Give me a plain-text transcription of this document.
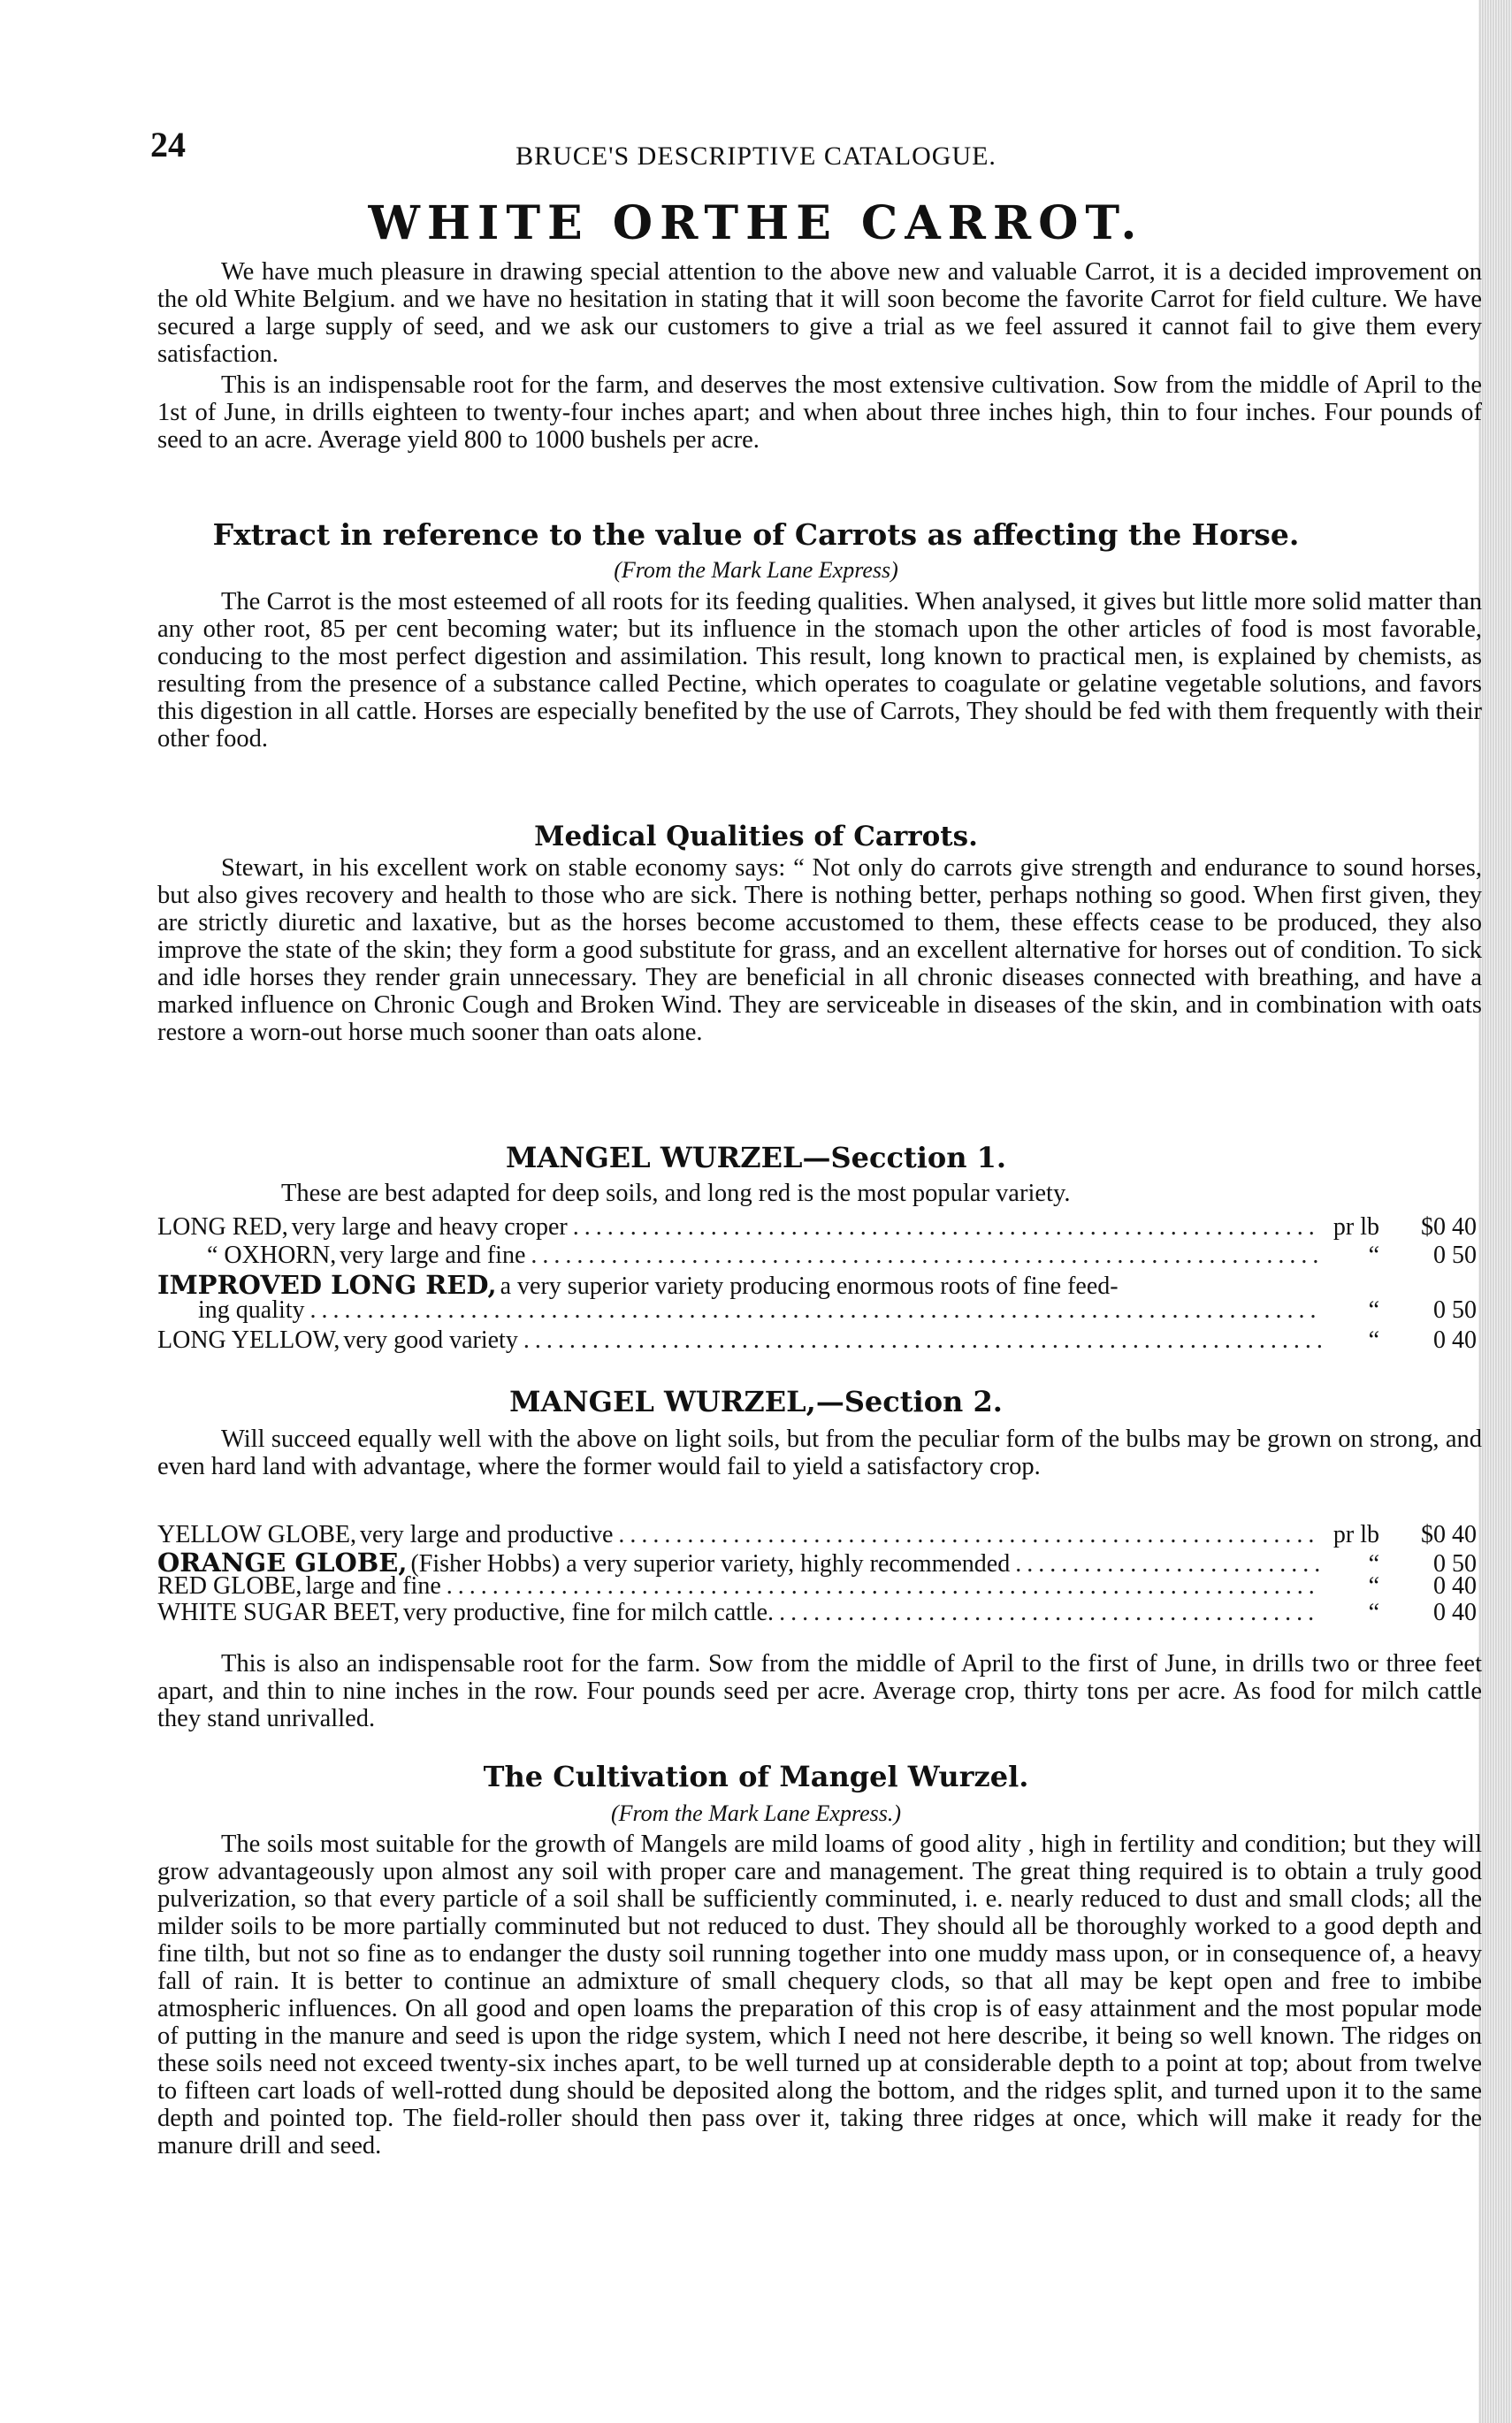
24	BRUCE'S DESCRIPTIVE CATALOGUE.
WHITE ORTHE CARROT.

We have much pleasure in drawing special attention to the above new and valuable Carrot, it is a decided improvement on the old White Belgium. and we have no hesitation in stating that it will soon become the favorite Carrot for field culture. We have secured a large supply of seed, and we ask our customers to give a trial as we feel assured it cannot fail to give them every satisfaction.

This is an indispensable root for the farm, and deserves the most extensive cultivation. Sow from the middle of April to the 1st of June, in drills eighteen to twenty-four inches apart; and when about three inches high, thin to four inches. Four pounds of seed to an acre. Average yield 800 to 1000 bushels per acre.

Fxtract in reference to the value of Carrots as affecting the Horse.
(From the Mark Lane Express)

The Carrot is the most esteemed of all roots for its feeding qualities. When analysed, it gives but little more solid matter than any other root, 85 per cent becoming water; but its influence in the stomach upon the other articles of food is most favorable, conducing to the most perfect digestion and assimilation. This result, long known to practical men, is explained by chemists, as resulting from the presence of a substance called Pectine, which operates to coagulate or gelatine vegetable solutions, and favors this digestion in all cattle. Horses are especially benefited by the use of Carrots, They should be fed with them frequently with their other food.

Medical Qualities of Carrots.

Stewart, in his excellent work on stable economy says: “ Not only do carrots give strength and endurance to sound horses, but also gives recovery and health to those who are sick. There is nothing better, perhaps nothing so good. When first given, they are strictly diuretic and laxative, but as the horses become accustomed to them, these effects cease to be produced, they also improve the state of the skin; they form a good substitute for grass, and an excellent alternative for horses out of condition. To sick and idle horses they render grain unnecessary. They are beneficial in all chronic diseases connected with breathing, and have a marked influence on Chronic Cough and Broken Wind. They are serviceable in diseases of the skin, and in combination with oats restore a worn-out horse much sooner than oats alone.

MANGEL WURZEL—Secction 1.

These are best adapted for deep soils, and long red is the most popular variety.

LONG RED, very large and heavy croper .....	pr lb	$0 40
“ OXHORN, very large and fine .....	“	0 50
IMPROVED LONG RED, a very superior variety producing enormous roots of fine feed-
ing quality .....	“	0 50
LONG YELLOW, very good variety .....	“	0 40
MANGEL WURZEL,—Section 2.

Will succeed equally well with the above on light soils, but from the peculiar form of the bulbs may be grown on strong, and even hard land with advantage, where the former would fail to yield a satisfactory crop.

YELLOW GLOBE, very large and productive .....	pr lb	$0 40
ORANGE GLOBE, (Fisher Hobbs) a very superior variety, highly recommended .....	“	0 50
RED GLOBE, large and fine .....	“	0 40
WHITE SUGAR BEET, very productive, fine for milch cattle. .....	“	0 40

This is also an indispensable root for the farm. Sow from the middle of April to the first of June, in drills two or three feet apart, and thin to nine inches in the row. Four pounds seed per acre. Average crop, thirty tons per acre. As food for milch cattle they stand unrivalled.

The Cultivation of Mangel Wurzel.
(From the Mark Lane Express.)

The soils most suitable for the growth of Mangels are mild loams of good ality , high in fertility and condition; but they will grow advantageously upon almost any soil with proper care and management. The great thing required is to obtain a truly good pulverization, so that every particle of a soil shall be sufficiently comminuted, i. e. nearly reduced to dust and small clods; all the milder soils to be more partially comminuted but not reduced to dust. They should all be thoroughly worked to a good depth and fine tilth, but not so fine as to endanger the dusty soil running together into one muddy mass upon, or in consequence of, a heavy fall of rain. It is better to continue an admixture of small chequery clods, so that all may be kept open and free to imbibe atmospheric influences. On all good and open loams the preparation of this crop is of easy attainment and the most popular mode of putting in the manure and seed is upon the ridge system, which I need not here describe, it being so well known. The ridges on these soils need not exceed twenty-six inches apart, to be well turned up at considerable depth to a point at top; about from twelve to fifteen cart loads of well-rotted dung should be deposited along the bottom, and the ridges split, and turned upon it to the same depth and pointed top. The field-roller should then pass over it, taking three ridges at once, which will make it ready for the manure drill and seed.
